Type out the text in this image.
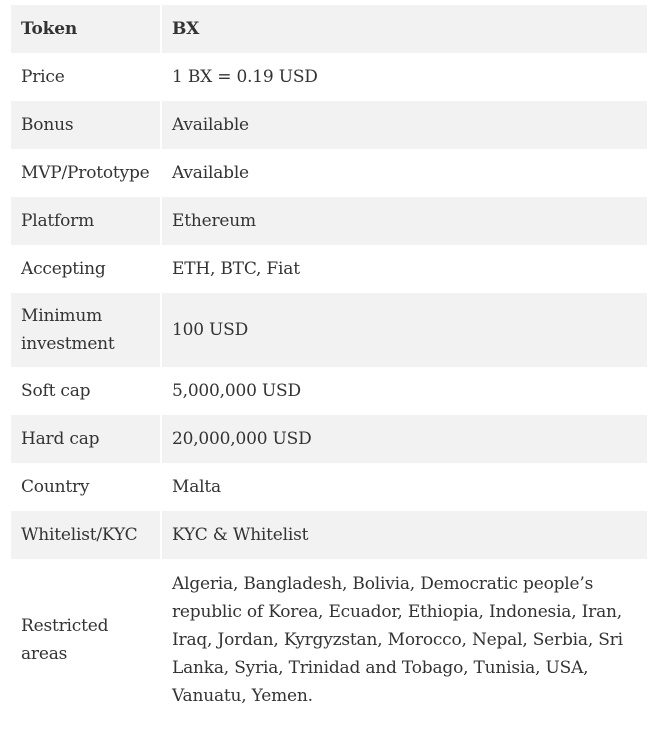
Token	BX
Price	1 BX = 0.19 USD
Bonus	Available
MVP/Prototype	Available
Platform	Ethereum
Accepting	ETH, BTC, Fiat
Minimum investment	100 USD
Soft cap	5,000,000 USD
Hard cap	20,000,000 USD
Country	Malta
Whitelist/KYC	KYC & Whitelist
Restricted areas	Algeria, Bangladesh, Bolivia, Democratic people’s republic of Korea, Ecuador, Ethiopia, Indonesia, Iran, Iraq, Jordan, Kyrgyzstan, Morocco, Nepal, Serbia, Sri Lanka, Syria, Trinidad and Tobago, Tunisia, USA, Vanuatu, Yemen.
